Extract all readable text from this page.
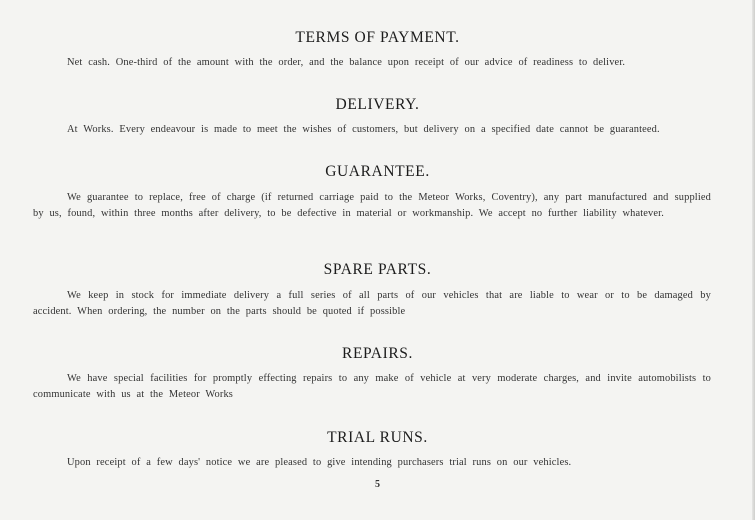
TERMS OF PAYMENT.
Net cash. One-third of the amount with the order, and the balance upon receipt of our advice of readiness to deliver.
DELIVERY.
At Works. Every endeavour is made to meet the wishes of customers, but delivery on a specified date cannot be guaranteed.
GUARANTEE.
We guarantee to replace, free of charge (if returned carriage paid to the Meteor Works, Coventry), any part manufactured and supplied by us, found, within three months after delivery, to be defective in material or workmanship. We accept no further liability whatever.
SPARE PARTS.
We keep in stock for immediate delivery a full series of all parts of our vehicles that are liable to wear or to be damaged by accident. When ordering, the number on the parts should be quoted if possible
REPAIRS.
We have special facilities for promptly effecting repairs to any make of vehicle at very moderate charges, and invite automobilists to communicate with us at the Meteor Works
TRIAL RUNS.
Upon receipt of a few days' notice we are pleased to give intending purchasers trial runs on our vehicles.
5
